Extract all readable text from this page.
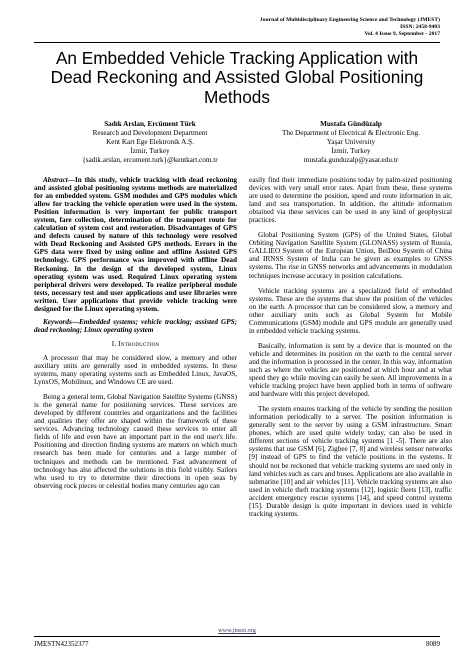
Journal of Multidisciplinary Engineering Science and Technology (JMEST)
ISSN: 2458-9403
Vol. 4 Issue 9, September - 2017
An Embedded Vehicle Tracking Application with Dead Reckoning and Assisted Global Positioning Methods
Sadık Arslan, Ercüment Türk
Research and Development Department
Kent Kart Ege Elektronik A.Ş.
İzmir, Turkey
{sadik.arslan, ercument.turk}@kentkart.com.tr
Mustafa Gündüzalp
The Department of Electrical & Electronic Eng.
Yaşar University
İzmir, Turkey
mustafa.gunduzalp@yasar.edu.tr

Abstract—In this study, vehicle tracking with dead reckoning and assisted global positioning systems methods are materialized for an embedded system. GSM modules and GPS modules which allow for tracking the vehicle operation were used in the system. Position information is very important for public transport system, fare collection, determination of the transport route for calculation of system cost and restoration. Disadvantages of GPS and defects caused by nature of this technology were resolved with Dead Reckoning and Assisted GPS methods. Errors in the GPS data were fixed by using online and offline Assisted GPS technology. GPS performance was improved with offline Dead Reckoning. In the design of the developed system, Linux operating system was used. Required Linux operating system peripheral drivers were developed. To realize peripheral module tests, necessary test and user applications and user libraries were written. User applications that provide vehicle tracking were designed for the Linux operating system.

Keywords—Embedded systems; vehicle tracking; assisted GPS; dead reckoning; Linux operating system

I. Introduction

A processor that may be considered slow, a memory and other auxiliary units are generally used in embedded systems. In these systems, many operating systems such as Embedded Linux, JavaOS, LynxOS, Mobilinux, and Windows CE are used.

Being a general term, Global Navigation Satellite Systems (GNSS) is the general name for positioning services. These services are developed by different countries and organizations and the facilities and qualities they offer are shaped within the framework of these services. Advancing technology caused these services to enter all fields of life and even have an important part in the end user's life. Positioning and direction finding systems are matters on which much research has been made for centuries and a large number of techniques and methods can be mentioned. Fast advancement of technology has also affected the solutions in this field visibly. Sailors who used to try to determine their directions in open seas by observing rock pieces or celestial bodies many centuries ago can

easily find their immediate positions today by palm-sized positioning devices with very small error rates. Apart from these, these systems are used to determine the position, speed and route information in air, land and sea transportation. In addition, the altitude information obtained via these services can be used in any kind of geophysical practices.

Global Positioning System (GPS) of the United States, Global Orbiting Navigation Satellite System (GLONASS) system of Russia, GALLIEO System of the European Union, BeiDou System of China and IRNSS System of India can be given as examples to GNSS systems. The rise in GNSS networks and advancements in modulation techniques increase accuracy in position calculations.

Vehicle tracking systems are a specialized field of embedded systems. These are the systems that show the position of the vehicles on the earth. A processor that can be considered slow, a memory and other auxiliary units such as Global System for Mobile Communications (GSM) module and GPS module are generally used in embedded vehicle tracking systems.

Basically, information is sent by a device that is mounted on the vehicle and determines its position on the earth to the central server and the information is processed in the center. In this way, information such as where the vehicles are positioned at which hour and at what speed they go while moving can easily be seen. All improvements in a vehicle tracking project have been applied both in terms of software and hardware with this project developed.

The system ensures tracking of the vehicle by sending the position information periodically to a server. The position information is generally sent to the server by using a GSM infrastructure. Smart phones, which are used quite widely today, can also be used in different sections of vehicle tracking systems [1 -5]. There are also systems that use GSM [6], Zigbee [7, 8] and wireless sensor networks [9] instead of GPS to find the vehicle positions in the systems. It should not be reckoned that vehicle tracking systems are used only in land vehicles such as cars and buses. Applications are also available in submarine [10] and air vehicles [11]. Vehicle tracking systems are also used in vehicle theft tracking systems [12], logistic fleets [13], traffic accident emergency rescue systems [14], and speed control systems [15]. Durable design is quite important in devices used in vehicle tracking systems.

www.jmest.org
JMESTN42352377	8089
